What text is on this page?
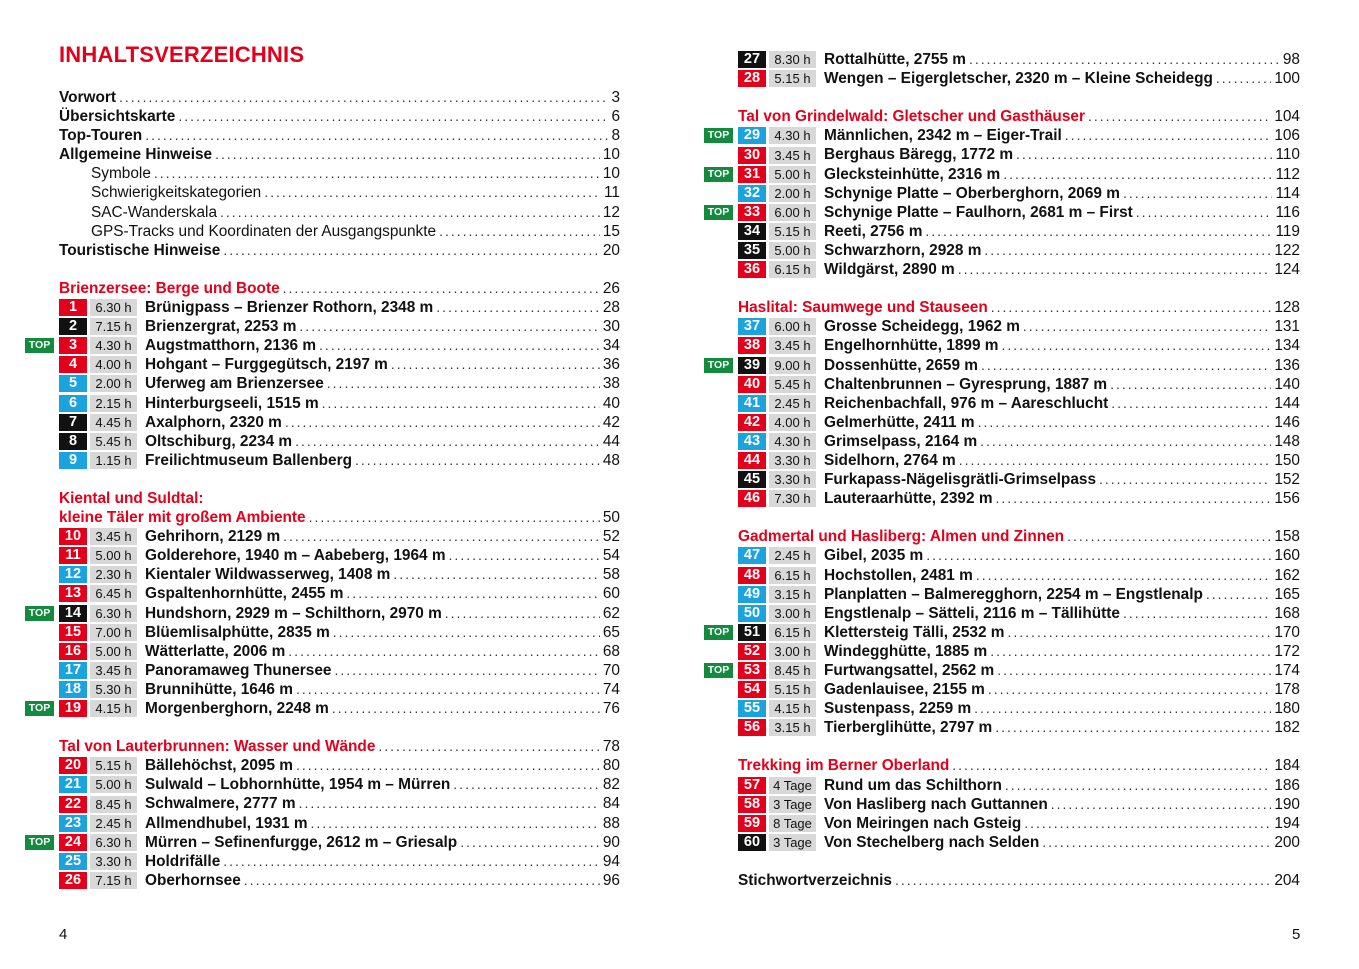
INHALTSVERZEICHNIS
Vorwort .....	3
Übersichtskarte .....	6
Top-Touren .....	8
Allgemeine Hinweise .....	10
Symbole .....	10
Schwierigkeitskategorien .....	11
SAC-Wanderskala .....	12
GPS-Tracks und Koordinaten der Ausgangspunkte .....	15
Touristische Hinweise .....	20
Brienzersee: Berge und Boote .....	26
1	6.30 h Brünigpass – Brienzer Rothorn, 2348 m .....	28
2	7.15 h Brienzergrat, 2253 m .....	30
TOP	3	4.30 h Augstmatthorn, 2136 m .....	34
4	4.00 h Hohgant – Furggegütsch, 2197 m .....	36
5	2.00 h Uferweg am Brienzersee .....	38
6	2.15 h Hinterburgseeli, 1515 m .....	40
7	4.45 h Axalphorn, 2320 m .....	42
8	5.45 h Oltschiburg, 2234 m .....	44
9	1.15 h Freilichtmuseum Ballenberg .....	48
Kiental und Suldtal:
kleine Täler mit großem Ambiente .....	50
10	3.45 h Gehrihorn, 2129 m .....	52
11	5.00 h Golderehore, 1940 m – Aabeberg, 1964 m .....	54
12	2.30 h Kientaler Wildwasserweg, 1408 m .....	58
13	6.45 h Gspaltenhornhütte, 2455 m .....	60
TOP	14	6.30 h Hundshorn, 2929 m – Schilthorn, 2970 m .....	62
15	7.00 h Blüemlisalphütte, 2835 m .....	65
16	5.00 h Wätterlatte, 2006 m .....	68
17	3.45 h Panoramaweg Thunersee .....	70
18	5.30 h Brunnihütte, 1646 m .....	74
TOP	19	4.15 h Morgenberghorn, 2248 m .....	76
Tal von Lauterbrunnen: Wasser und Wände .....	78
20	5.15 h Bällehöchst, 2095 m .....	80
21	5.00 h Sulwald – Lobhornhütte, 1954 m – Mürren .....	82
22	8.45 h Schwalmere, 2777 m .....	84
23	2.45 h Allmendhubel, 1931 m .....	88
TOP	24	6.30 h Mürren – Sefinenfurgge, 2612 m – Griesalp .....	90
25	3.30 h Holdrifälle .....	94
26	7.15 h Oberhornsee .....	96

4

27	8.30 h Rottalhütte, 2755 m .....	98
28	5.15 h Wengen – Eigergletscher, 2320 m – Kleine Scheidegg .....	100
Tal von Grindelwald: Gletscher und Gasthäuser .....	104
TOP	29	4.30 h Männlichen, 2342 m – Eiger-Trail .....	106
30	3.45 h Berghaus Bäregg, 1772 m .....	110
TOP	31	5.00 h Glecksteinhütte, 2316 m .....	112
32	2.00 h Schynige Platte – Oberberghorn, 2069 m .....	114
TOP	33	6.00 h Schynige Platte – Faulhorn, 2681 m – First .....	116
34	5.15 h Reeti, 2756 m .....	119
35	5.00 h Schwarzhorn, 2928 m .....	122
36	6.15 h Wildgärst, 2890 m .....	124
Haslital: Saumwege und Stauseen .....	128
37	6.00 h Grosse Scheidegg, 1962 m .....	131
38	3.45 h Engelhornhütte, 1899 m .....	134
TOP	39	9.00 h Dossenhütte, 2659 m .....	136
40	5.45 h Chaltenbrunnen – Gyresprung, 1887 m .....	140
41	2.45 h Reichenbachfall, 976 m – Aareschlucht .....	144
42	4.00 h Gelmerhütte, 2411 m .....	146
43	4.30 h Grimselpass, 2164 m .....	148
44	3.30 h Sidelhorn, 2764 m .....	150
45	3.30 h Furkapass-Nägelisgrätli-Grimselpass .....	152
46	7.30 h Lauteraarhütte, 2392 m .....	156
Gadmertal und Hasliberg: Almen und Zinnen .....	158
47	2.45 h Gibel, 2035 m .....	160
48	6.15 h Hochstollen, 2481 m .....	162
49	3.15 h Planplatten – Balmeregghorn, 2254 m – Engstlenalp .....	165
50	3.00 h Engstlenalp – Sätteli, 2116 m – Tällihütte .....	168
TOP	51	6.15 h Klettersteig Tälli, 2532 m .....	170
52	3.00 h Windegghütte, 1885 m .....	172
TOP	53	8.45 h Furtwangsattel, 2562 m .....	174
54	5.15 h Gadenlauisee, 2155 m .....	178
55	4.15 h Sustenpass, 2259 m .....	180
56	3.15 h Tierberglihütte, 2797 m .....	182
Trekking im Berner Oberland .....	184
57	4 Tage Rund um das Schilthorn .....	186
58	3 Tage Von Hasliberg nach Guttannen .....	190
59	8 Tage Von Meiringen nach Gsteig .....	194
60	3 Tage Von Stechelberg nach Selden .....	200
Stichwortverzeichnis .....	204

5
